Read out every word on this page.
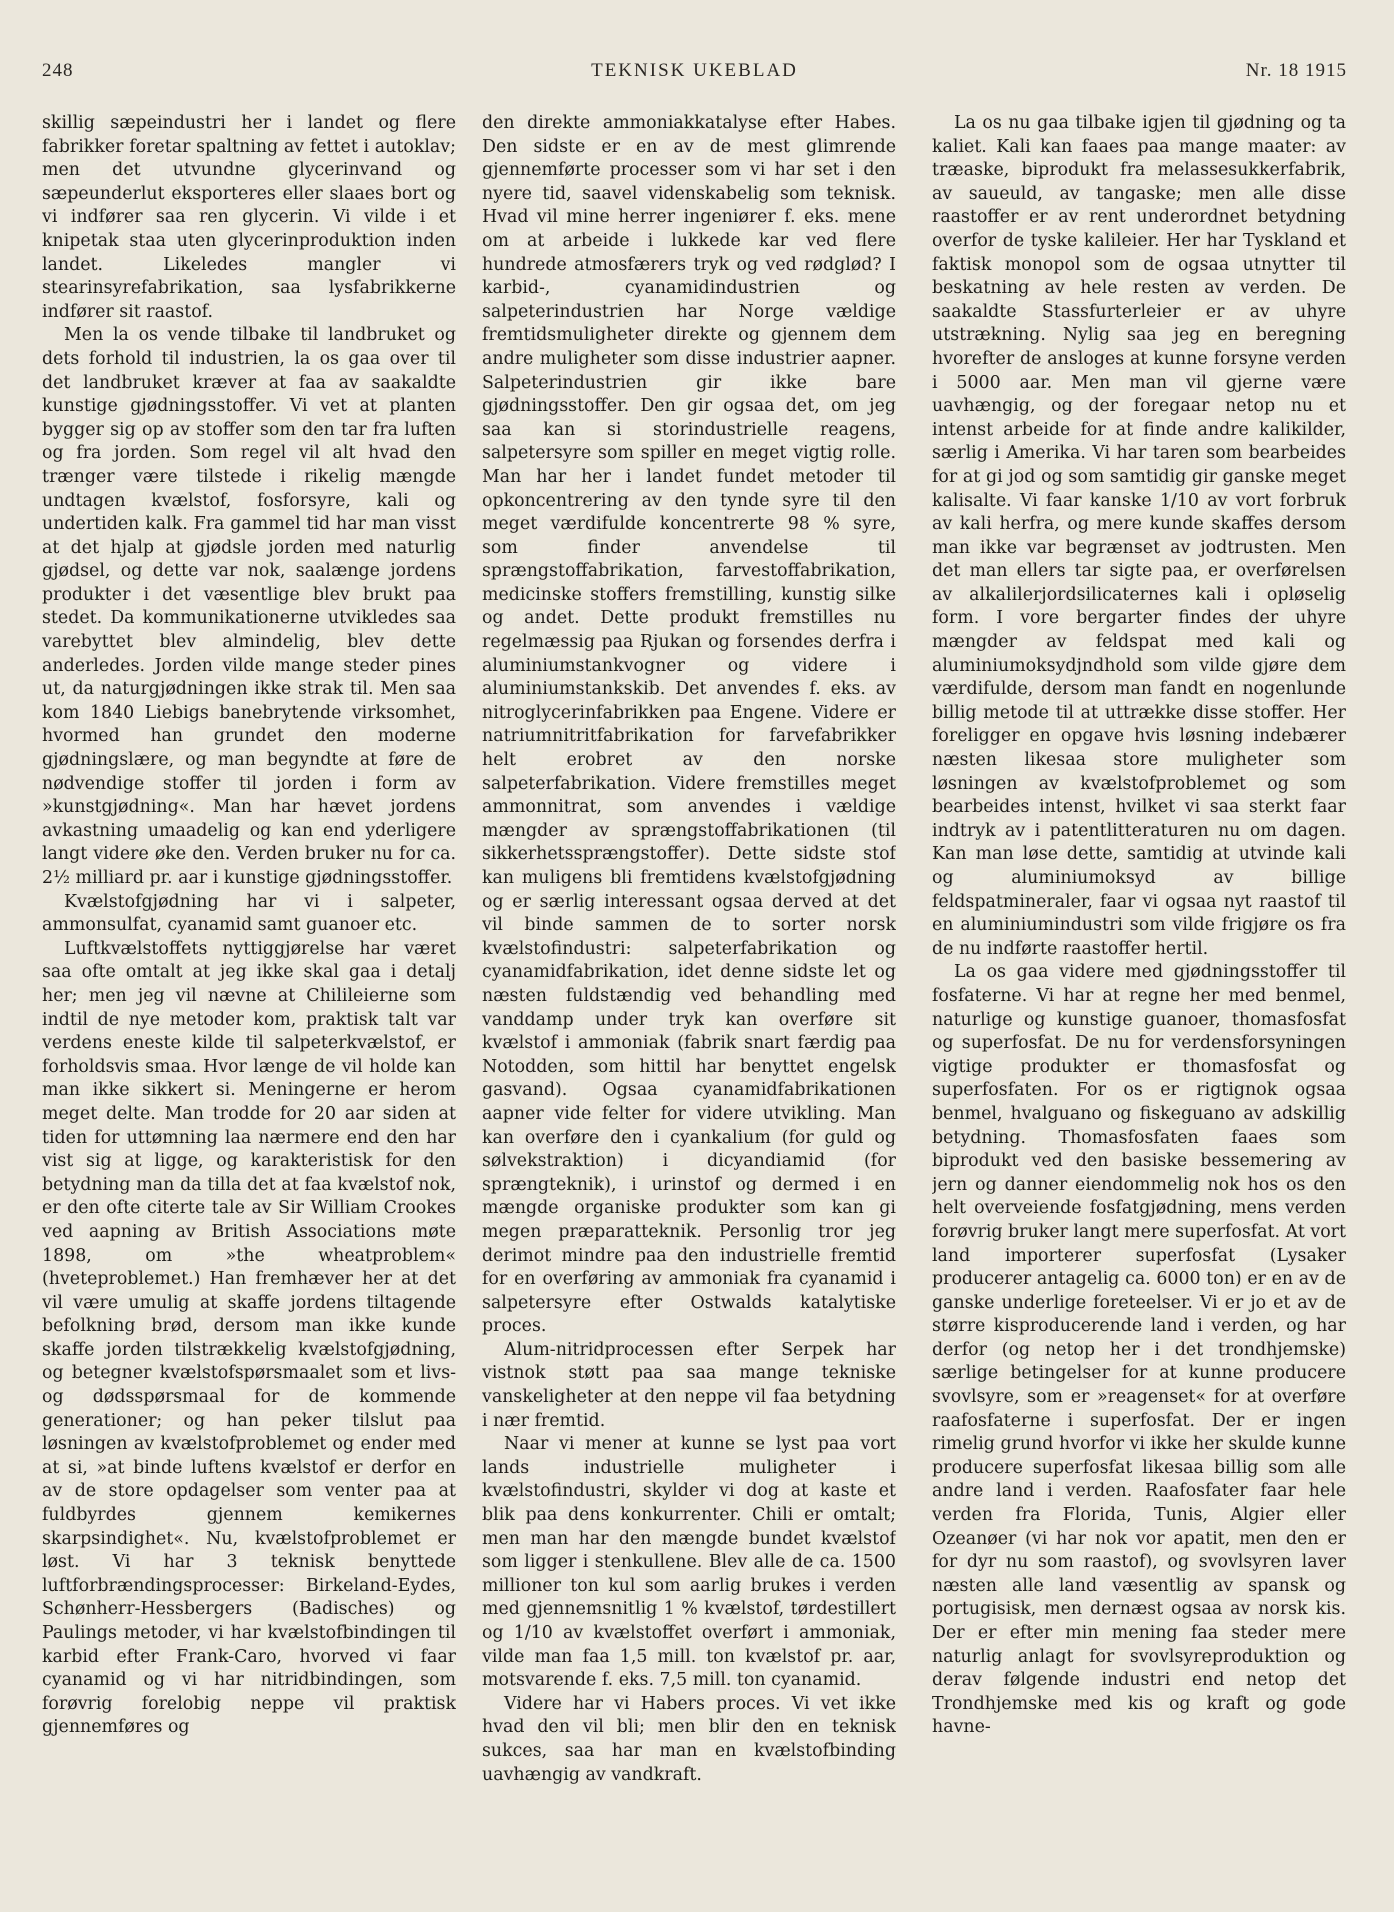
248	TEKNISK UKEBLAD	Nr. 18 1915

skillig sæpeindustri her i landet og flere fabrikker foretar spaltning av fettet i autoklav; men det utvundne glycerinvand og sæpeunderlut eksporteres eller slaaes bort og vi indfører saa ren glycerin. Vi vilde i et knipetak staa uten glycerinproduktion inden landet. Likeledes mangler vi stearinsyrefabrikation, saa lysfabrikkerne indfører sit raastof.

Men la os vende tilbake til landbruket og dets forhold til industrien, la os gaa over til det landbruket kræver at faa av saakaldte kunstige gjødningsstoffer. Vi vet at planten bygger sig op av stoffer som den tar fra luften og fra jorden. Som regel vil alt hvad den trænger være tilstede i rikelig mængde undtagen kvælstof, fosforsyre, kali og undertiden kalk. Fra gammel tid har man visst at det hjalp at gjødsle jorden med naturlig gjødsel, og dette var nok, saalænge jordens produkter i det væsentlige blev brukt paa stedet. Da kommunikationerne utvikledes saa varebyttet blev almindelig, blev dette anderledes. Jorden vilde mange steder pines ut, da naturgjødningen ikke strak til. Men saa kom 1840 Liebigs banebrytende virksomhet, hvormed han grundet den moderne gjødningslære, og man begyndte at føre de nødvendige stoffer til jorden i form av »kunstgjødning«. Man har hævet jordens avkastning umaadelig og kan end yderligere langt videre øke den. Verden bruker nu for ca. 2½ milliard pr. aar i kunstige gjødningsstoffer.

Kvælstofgjødning har vi i salpeter, ammonsulfat, cyanamid samt guanoer etc.

Luftkvælstoffets nyttiggjørelse har været saa ofte omtalt at jeg ikke skal gaa i detalj her; men jeg vil nævne at Chilileierne som indtil de nye metoder kom, praktisk talt var verdens eneste kilde til salpeterkvælstof, er forholdsvis smaa. Hvor længe de vil holde kan man ikke sikkert si. Meningerne er herom meget delte. Man trodde for 20 aar siden at tiden for uttømning laa nærmere end den har vist sig at ligge, og karakteristisk for den betydning man da tilla det at faa kvælstof nok, er den ofte citerte tale av Sir William Crookes ved aapning av British Associations møte 1898, om »the wheatproblem« (hveteproblemet.) Han fremhæver her at det vil være umulig at skaffe jordens tiltagende befolkning brød, dersom man ikke kunde skaffe jorden tilstrækkelig kvælstofgjødning, og betegner kvælstofspørsmaalet som et livs- og dødsspørsmaal for de kommende generationer; og han peker tilslut paa løsningen av kvælstofproblemet og ender med at si, »at binde luftens kvælstof er derfor en av de store opdagelser som venter paa at fuldbyrdes gjennem kemikernes skarpsindighet«. Nu, kvælstofproblemet er løst. Vi har 3 teknisk benyttede luftforbrændingsprocesser: Birkeland-Eydes, Schønherr-Hessbergers (Badisches) og Paulings metoder, vi har kvælstofbindingen til karbid efter Frank-Caro, hvorved vi faar cyanamid og vi har nitridbindingen, som forøvrig forelobig neppe vil praktisk gjennemføres og

den direkte ammoniakkatalyse efter Habes. Den sidste er en av de mest glimrende gjennemførte processer som vi har set i den nyere tid, saavel videnskabelig som teknisk. Hvad vil mine herrer ingeniører f. eks. mene om at arbeide i lukkede kar ved flere hundrede atmosfærers tryk og ved rødglød? I karbid-, cyanamidindustrien og salpeterindustrien har Norge vældige fremtidsmuligheter direkte og gjennem dem andre muligheter som disse industrier aapner. Salpeterindustrien gir ikke bare gjødningsstoffer. Den gir ogsaa det, om jeg saa kan si storindustrielle reagens, salpetersyre som spiller en meget vigtig rolle. Man har her i landet fundet metoder til opkoncentrering av den tynde syre til den meget værdifulde koncentrerte 98 % syre, som finder anvendelse til sprængstoffabrikation, farvestoffabrikation, medicinske stoffers fremstilling, kunstig silke og andet. Dette produkt fremstilles nu regelmæssig paa Rjukan og forsendes derfra i aluminiumstankvogner og videre i aluminiumstankskib. Det anvendes f. eks. av nitroglycerinfabrikken paa Engene. Videre er natriumnitritfabrikation for farvefabrikker helt erobret av den norske salpeterfabrikation. Videre fremstilles meget ammonnitrat, som anvendes i vældige mængder av sprængstoffabrikationen (til sikkerhetssprængstoffer). Dette sidste stof kan muligens bli fremtidens kvælstofgjødning og er særlig interessant ogsaa derved at det vil binde sammen de to sorter norsk kvælstofindustri: salpeterfabrikation og cyanamidfabrikation, idet denne sidste let og næsten fuldstændig ved behandling med vanddamp under tryk kan overføre sit kvælstof i ammoniak (fabrik snart færdig paa Notodden, som hittil har benyttet engelsk gasvand). Ogsaa cyanamidfabrikationen aapner vide felter for videre utvikling. Man kan overføre den i cyankalium (for guld og sølvekstraktion) i dicyandiamid (for sprængteknik), i urinstof og dermed i en mængde organiske produkter som kan gi megen præparatteknik. Personlig tror jeg derimot mindre paa den industrielle fremtid for en overføring av ammoniak fra cyanamid i salpetersyre efter Ostwalds katalytiske proces.

Alum-nitridprocessen efter Serpek har vistnok støtt paa saa mange tekniske vanskeligheter at den neppe vil faa betydning i nær fremtid.

Naar vi mener at kunne se lyst paa vort lands industrielle muligheter i kvælstofindustri, skylder vi dog at kaste et blik paa dens konkurrenter. Chili er omtalt; men man har den mængde bundet kvælstof som ligger i stenkullene. Blev alle de ca. 1500 millioner ton kul som aarlig brukes i verden med gjennemsnitlig 1 % kvælstof, tørdestillert og 1/10 av kvælstoffet overført i ammoniak, vilde man faa 1,5 mill. ton kvælstof pr. aar, motsvarende f. eks. 7,5 mill. ton cyanamid.

Videre har vi Habers proces. Vi vet ikke hvad den vil bli; men blir den en teknisk sukces, saa har man en kvælstofbinding uavhængig av vandkraft.

La os nu gaa tilbake igjen til gjødning og ta kaliet. Kali kan faaes paa mange maater: av træaske, biprodukt fra melassesukkerfabrik, av saueuld, av tangaske; men alle disse raastoffer er av rent underordnet betydning overfor de tyske kalileier. Her har Tyskland et faktisk monopol som de ogsaa utnytter til beskatning av hele resten av verden. De saakaldte Stassfurterleier er av uhyre utstrækning. Nylig saa jeg en beregning hvorefter de ansloges at kunne forsyne verden i 5000 aar. Men man vil gjerne være uavhængig, og der foregaar netop nu et intenst arbeide for at finde andre kalikilder, særlig i Amerika. Vi har taren som bearbeides for at gi jod og som samtidig gir ganske meget kalisalte. Vi faar kanske 1/10 av vort forbruk av kali herfra, og mere kunde skaffes dersom man ikke var begrænset av jodtrusten. Men det man ellers tar sigte paa, er overførelsen av alkalilerjordsilicaternes kali i opløselig form. I vore bergarter findes der uhyre mængder av feldspat med kali og aluminiumoksydjndhold som vilde gjøre dem værdifulde, dersom man fandt en nogenlunde billig metode til at uttrække disse stoffer. Her foreligger en opgave hvis løsning indebærer næsten likesaa store muligheter som løsningen av kvælstofproblemet og som bearbeides intenst, hvilket vi saa sterkt faar indtryk av i patentlitteraturen nu om dagen. Kan man løse dette, samtidig at utvinde kali og aluminiumoksyd av billige feldspatmineraler, faar vi ogsaa nyt raastof til en aluminiumindustri som vilde frigjøre os fra de nu indførte raastoffer hertil.

La os gaa videre med gjødningsstoffer til fosfaterne. Vi har at regne her med benmel, naturlige og kunstige guanoer, thomasfosfat og superfosfat. De nu for verdensforsyningen vigtige produkter er thomasfosfat og superfosfaten. For os er rigtignok ogsaa benmel, hvalguano og fiskeguano av adskillig betydning. Thomasfosfaten faaes som biprodukt ved den basiske bessemering av jern og danner eiendommelig nok hos os den helt overveiende fosfatgjødning, mens verden forøvrig bruker langt mere superfosfat. At vort land importerer superfosfat (Lysaker producerer antagelig ca. 6000 ton) er en av de ganske underlige foreteelser. Vi er jo et av de større kisproducerende land i verden, og har derfor (og netop her i det trondhjemske) særlige betingelser for at kunne producere svovlsyre, som er »reagenset« for at overføre raafosfaterne i superfosfat. Der er ingen rimelig grund hvorfor vi ikke her skulde kunne producere superfosfat likesaa billig som alle andre land i verden. Raafosfater faar hele verden fra Florida, Tunis, Algier eller Ozeanøer (vi har nok vor apatit, men den er for dyr nu som raastof), og svovlsyren laver næsten alle land væsentlig av spansk og portugisisk, men dernæst ogsaa av norsk kis. Der er efter min mening faa steder mere naturlig anlagt for svovlsyreproduktion og derav følgende industri end netop det Trondhjemske med kis og kraft og gode havne-
